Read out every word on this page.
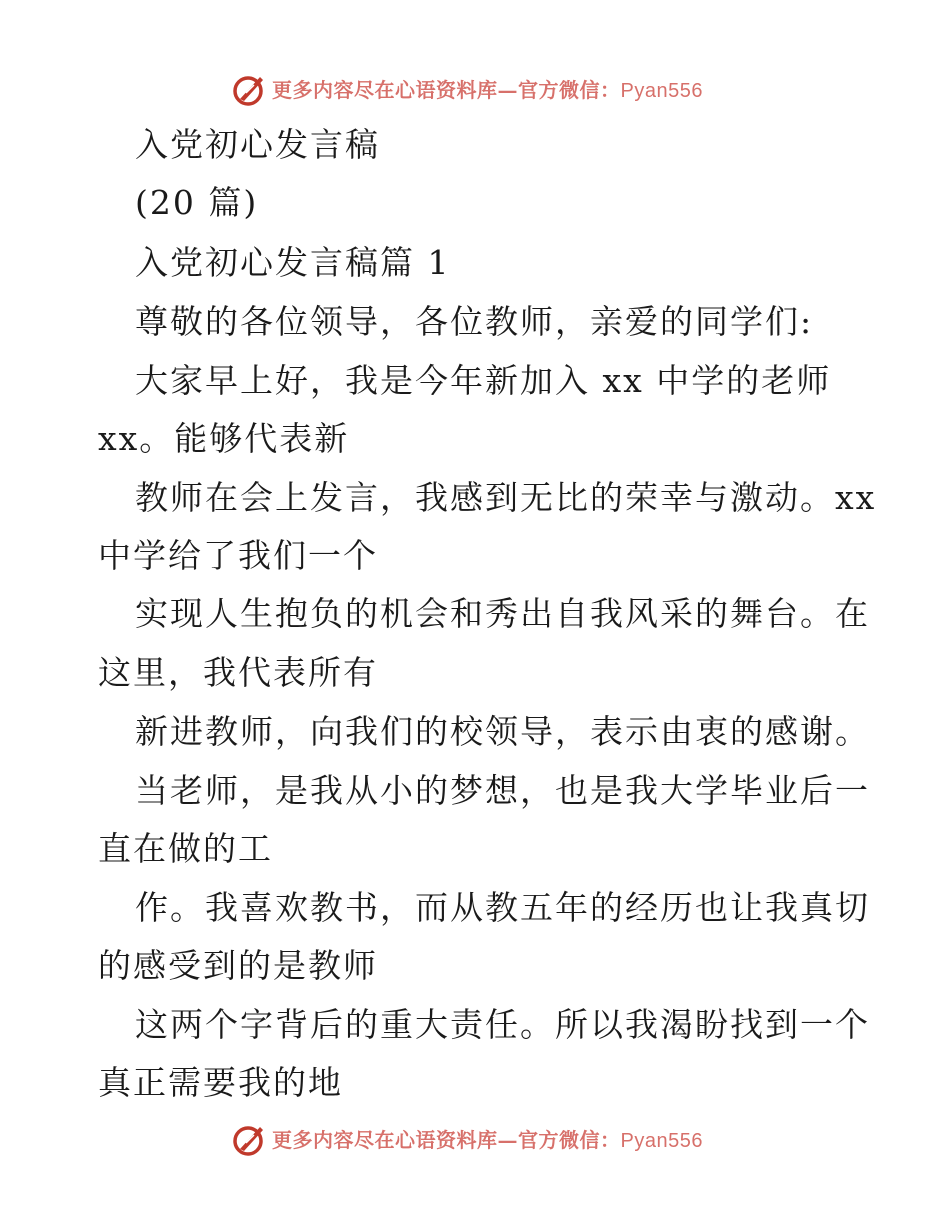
更多内容尽在心语资料库—官方微信：Pyan556
入党初心发言稿
(20 篇)
入党初心发言稿篇 1
尊敬的各位领导，各位教师，亲爱的同学们:
大家早上好，我是今年新加入 xx 中学的老师
xx。能够代表新
教师在会上发言，我感到无比的荣幸与激动。xx
中学给了我们一个
实现人生抱负的机会和秀出自我风采的舞台。在
这里，我代表所有
新进教师，向我们的校领导，表示由衷的感谢。
当老师，是我从小的梦想，也是我大学毕业后一
直在做的工
作。我喜欢教书，而从教五年的经历也让我真切
的感受到的是教师
这两个字背后的重大责任。所以我渴盼找到一个
真正需要我的地
更多内容尽在心语资料库—官方微信：Pyan556
